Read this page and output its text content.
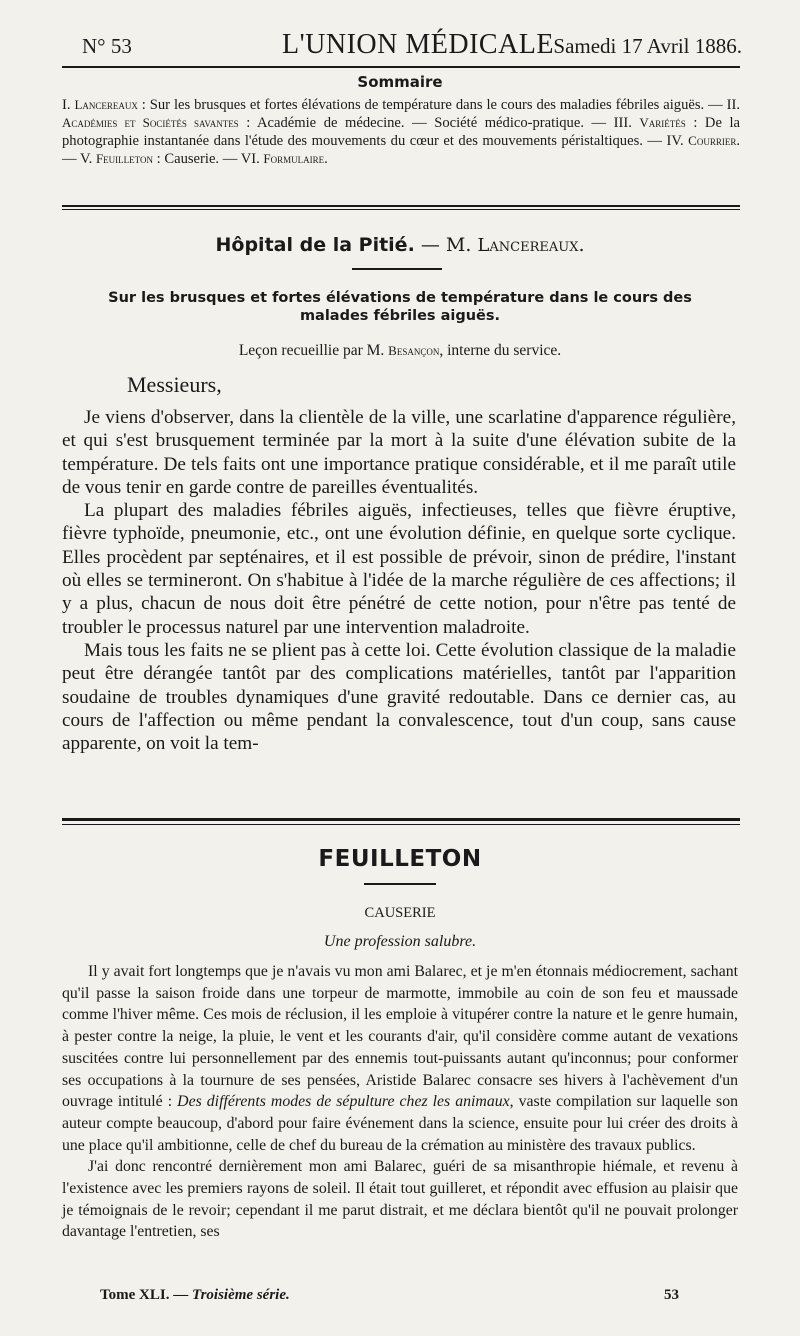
N° 53	L'UNION MÉDICALE Samedi 17 Avril 1886.
Sommaire
I. Lancereaux : Sur les brusques et fortes élévations de température dans le cours des maladies fébriles aiguës. — II. Académies et Sociétés savantes : Académie de médecine. — Société médico-pratique. — III. Variétés : De la photographie instantanée dans l'étude des mouvements du cœur et des mouvements péristaltiques. — IV. Courrier. — V. Feuilleton : Causerie. — VI. Formulaire.
Hôpital de la Pitié. — M. Lancereaux.
Sur les brusques et fortes élévations de température dans le cours des malades fébriles aiguës.
Leçon recueillie par M. Besançon, interne du service.
Messieurs,

Je viens d'observer, dans la clientèle de la ville, une scarlatine d'apparence régulière, et qui s'est brusquement terminée par la mort à la suite d'une élévation subite de la température. De tels faits ont une importance pratique considérable, et il me paraît utile de vous tenir en garde contre de pareilles éventualités.

La plupart des maladies fébriles aiguës, infectieuses, telles que fièvre éruptive, fièvre typhoïde, pneumonie, etc., ont une évolution définie, en quelque sorte cyclique. Elles procèdent par septénaires, et il est possible de prévoir, sinon de prédire, l'instant où elles se termineront. On s'habitue à l'idée de la marche régulière de ces affections; il y a plus, chacun de nous doit être pénétré de cette notion, pour n'être pas tenté de troubler le processus naturel par une intervention maladroite.

Mais tous les faits ne se plient pas à cette loi. Cette évolution classique de la maladie peut être dérangée tantôt par des complications matérielles, tantôt par l'apparition soudaine de troubles dynamiques d'une gravité redoutable. Dans ce dernier cas, au cours de l'affection ou même pendant la convalescence, tout d'un coup, sans cause apparente, on voit la tem-

FEUILLETON
CAUSERIE
Une profession salubre.

Il y avait fort longtemps que je n'avais vu mon ami Balarec, et je m'en étonnais médiocrement, sachant qu'il passe la saison froide dans une torpeur de marmotte, immobile au coin de son feu et maussade comme l'hiver même. Ces mois de réclusion, il les emploie à vitupérer contre la nature et le genre humain, à pester contre la neige, la pluie, le vent et les courants d'air, qu'il considère comme autant de vexations suscitées contre lui personnellement par des ennemis tout-puissants autant qu'inconnus; pour conformer ses occupations à la tournure de ses pensées, Aristide Balarec consacre ses hivers à l'achèvement d'un ouvrage intitulé : Des différents modes de sépulture chez les animaux, vaste compilation sur laquelle son auteur compte beaucoup, d'abord pour faire événement dans la science, ensuite pour lui créer des droits à une place qu'il ambitionne, celle de chef du bureau de la crémation au ministère des travaux publics.

J'ai donc rencontré dernièrement mon ami Balarec, guéri de sa misanthropie hiémale, et revenu à l'existence avec les premiers rayons de soleil. Il était tout guilleret, et répondit avec effusion au plaisir que je témoignais de le revoir; cependant il me parut distrait, et me déclara bientôt qu'il ne pouvait prolonger davantage l'entretien, ses

Tome XLI. — Troisième série.	53
